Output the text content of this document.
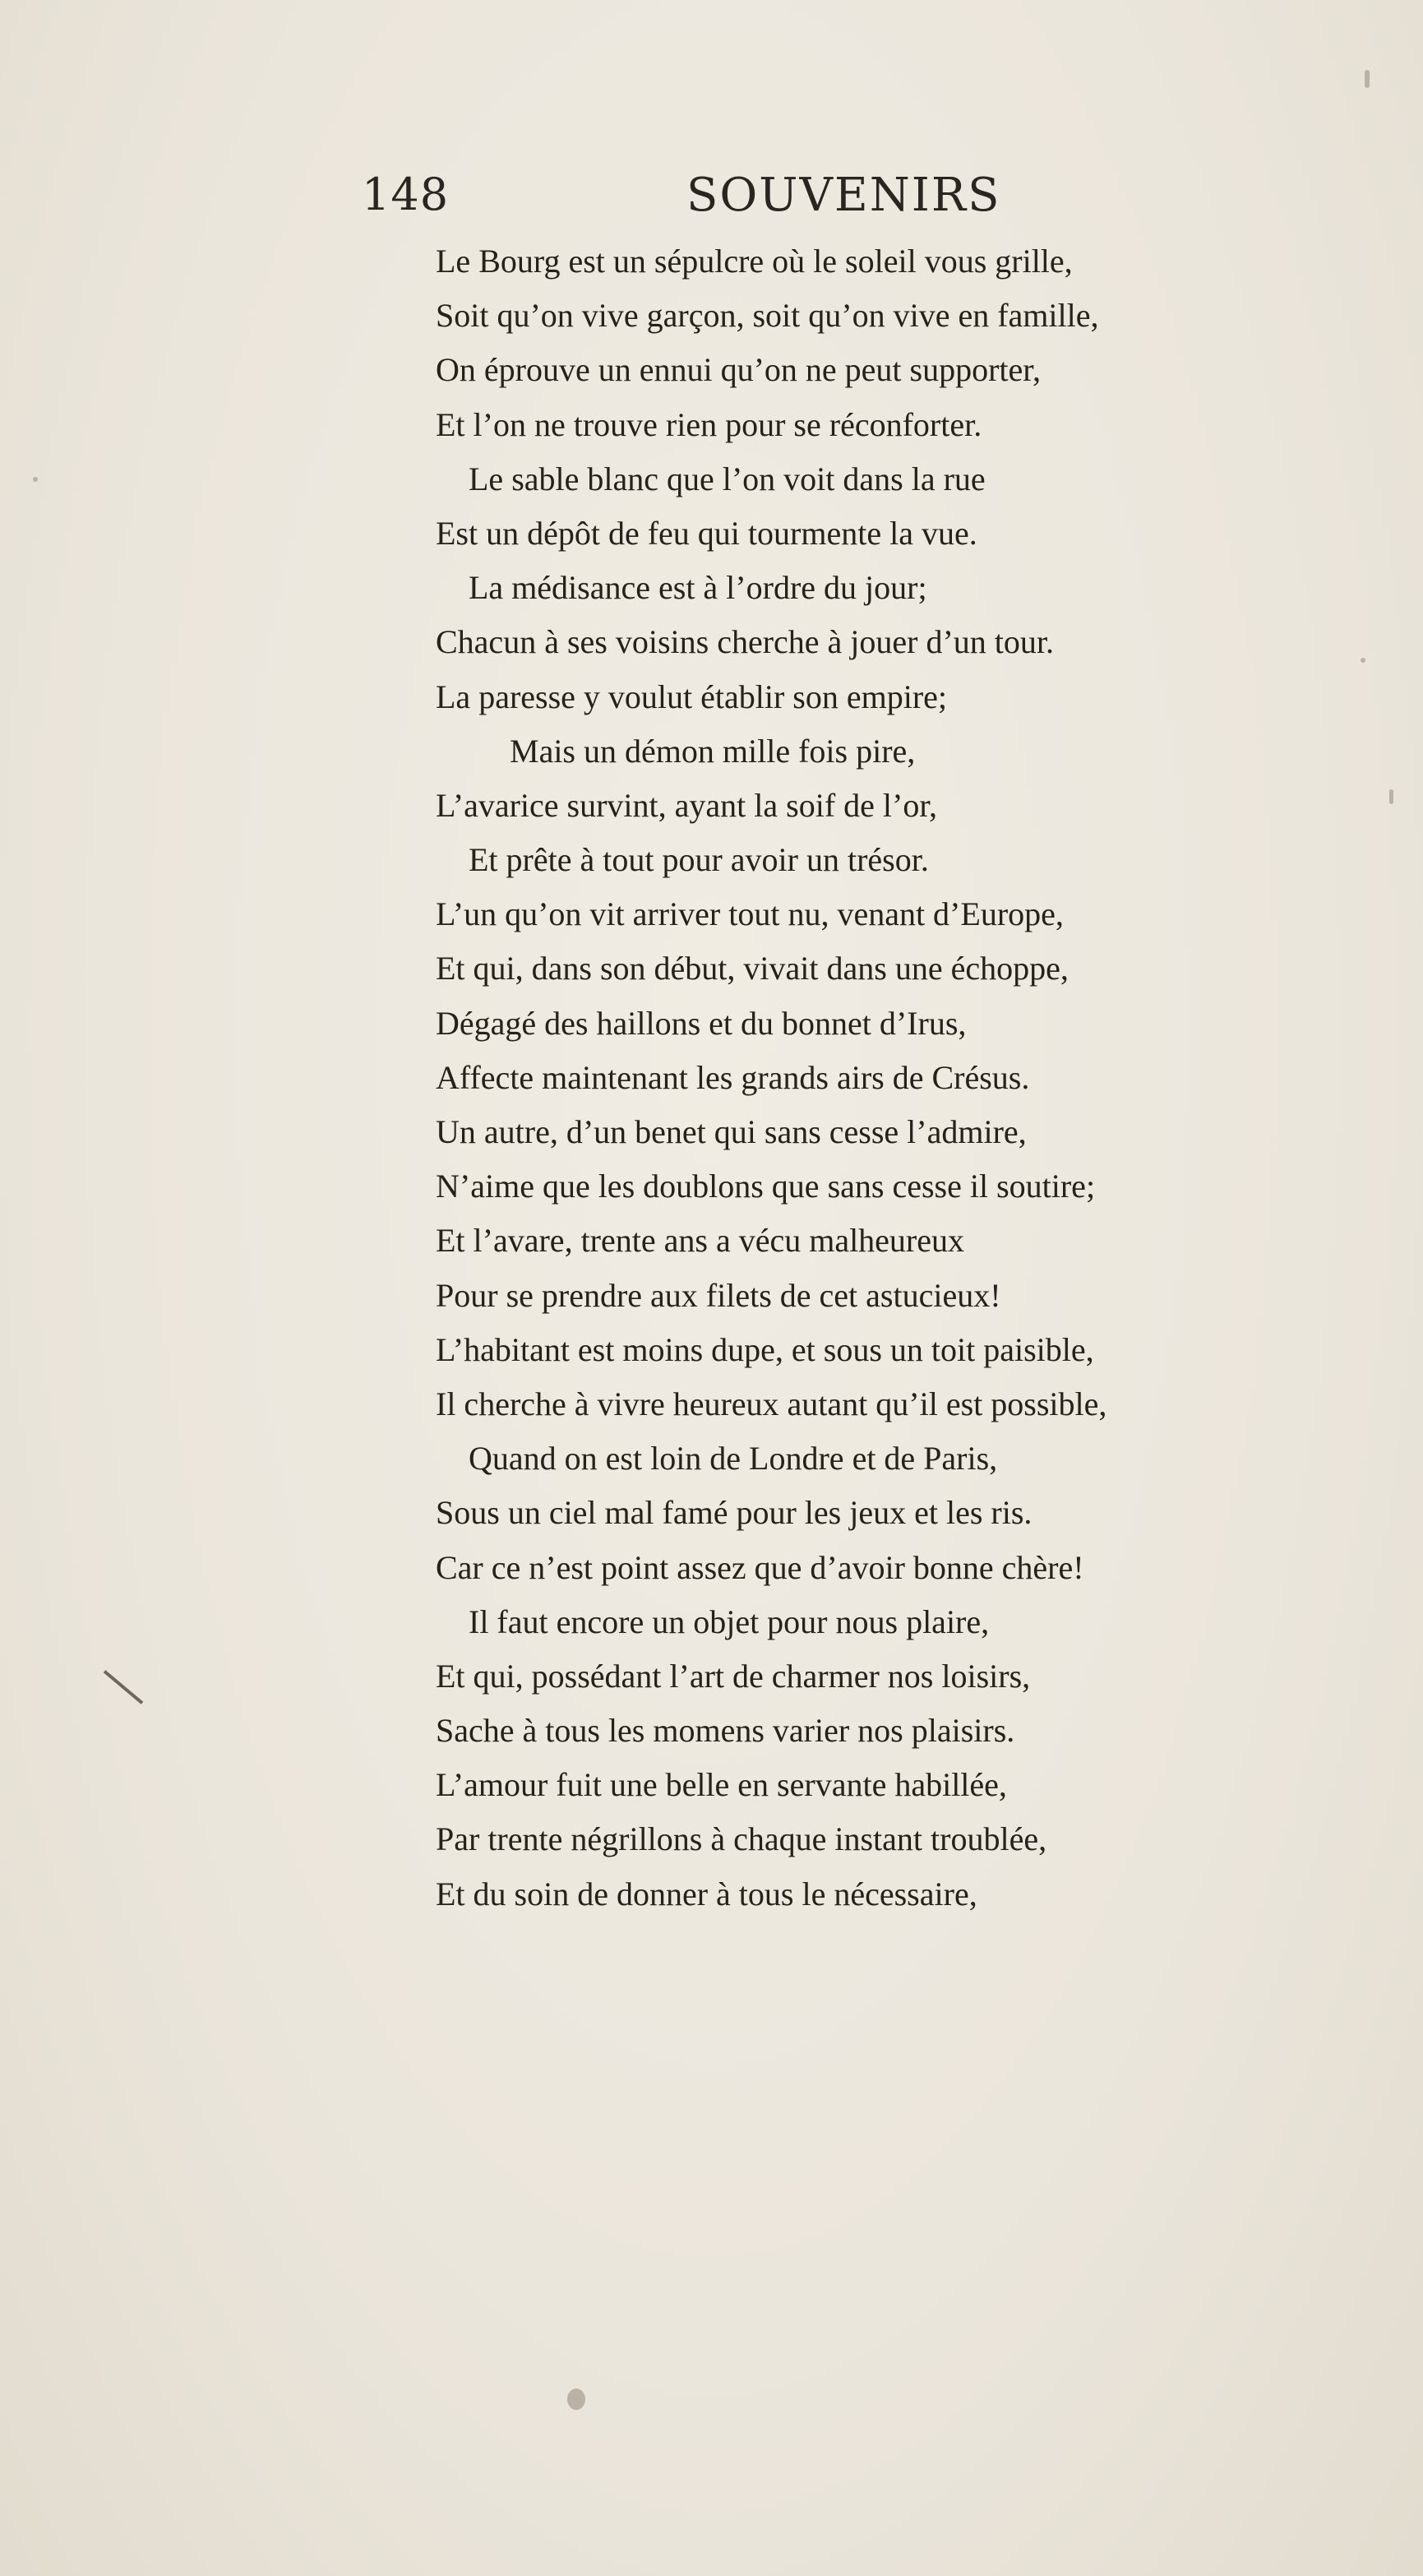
148	SOUVENIRS
Le Bourg est un sépulcre où le soleil vous grille,
Soit qu’on vive garçon, soit qu’on vive en famille,
On éprouve un ennui qu’on ne peut supporter,
Et l’on ne trouve rien pour se réconforter.
Le sable blanc que l’on voit dans la rue
Est un dépôt de feu qui tourmente la vue.
La médisance est à l’ordre du jour;
Chacun à ses voisins cherche à jouer d’un tour.
La paresse y voulut établir son empire;
Mais un démon mille fois pire,
L’avarice survint, ayant la soif de l’or,
Et prête à tout pour avoir un trésor.
L’un qu’on vit arriver tout nu, venant d’Europe,
Et qui, dans son début, vivait dans une échoppe,
Dégagé des haillons et du bonnet d’Irus,
Affecte maintenant les grands airs de Crésus.
Un autre, d’un benet qui sans cesse l’admire,
N’aime que les doublons que sans cesse il soutire;
Et l’avare, trente ans a vécu malheureux
Pour se prendre aux filets de cet astucieux!
L’habitant est moins dupe, et sous un toit paisible,
Il cherche à vivre heureux autant qu’il est possible,
Quand on est loin de Londre et de Paris,
Sous un ciel mal famé pour les jeux et les ris.
Car ce n’est point assez que d’avoir bonne chère!
Il faut encore un objet pour nous plaire,
Et qui, possédant l’art de charmer nos loisirs,
Sache à tous les momens varier nos plaisirs.
L’amour fuit une belle en servante habillée,
Par trente négrillons à chaque instant troublée,
Et du soin de donner à tous le nécessaire,
